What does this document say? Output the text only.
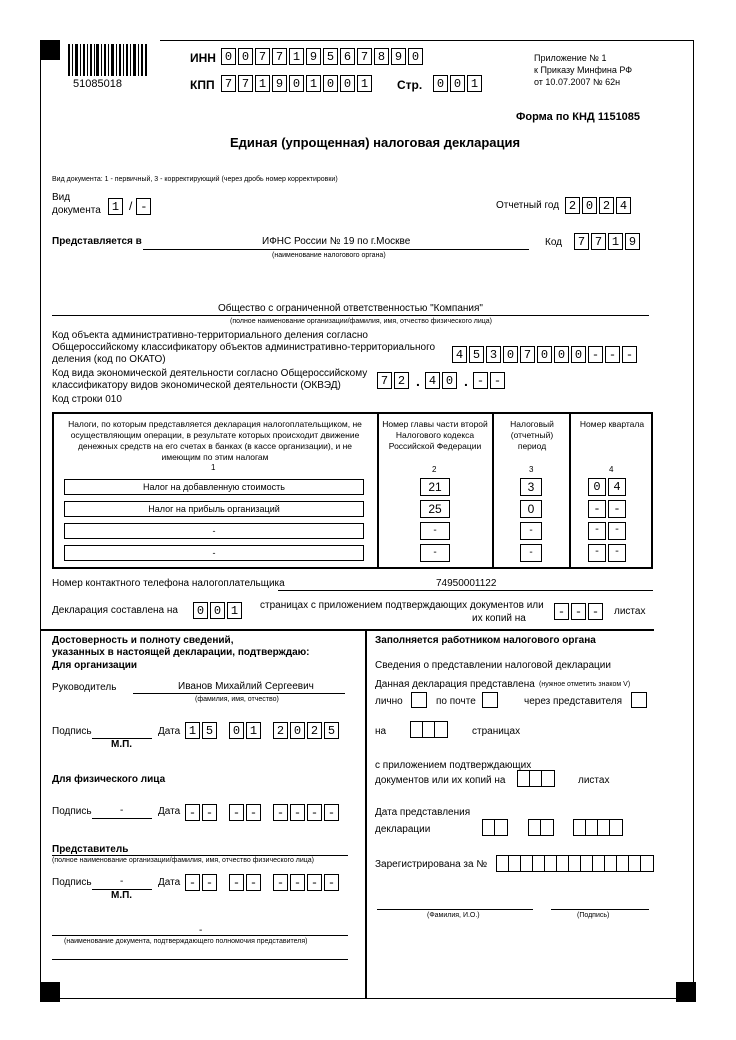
51085018
ИНН 0 0 7 7 1 9 5 6 7 8 9 0
КПП 7 7 1 9 0 1 0 0 1	Стр.	0 0 1
Приложение № 1
к Приказу Минфина РФ
от 10.07.2007 № 62н
Форма по КНД 1151085
Единая (упрощенная) налоговая декларация
Вид документа: 1 - первичный, 3 - корректирующий (через дробь номер корректировки)
Вид
документа 1 / -	Отчетный год 2 0 2 4
Представляется в	ИФНС России № 19 по г.Москве
(наименование налогового органа)
Код	7 7 1 9
Общество с ограниченной ответственностью "Компания"
(полное наименование организации/фамилия, имя, отчество физического лица)
Код объекта административно-территориального деления согласно
Общероссийскому классификатору объектов административно-территориального
деления (код по ОКАТО)	4 5 3 0 7 0 0 0 - - -
Код вида экономической деятельности согласно Общероссийскому
классификатору видов экономической деятельности (ОКВЭД)	7 2 . 4 0 . - -
Код строки 010
Налоги, по которым представляется декларация налогоплательщиком, не осуществляющим операции, в результате которых происходит движение денежных средств на его счетах в банках (в кассе организации), и не имеющим по этим налогам
1
Номер главы части второй Налогового кодекса Российской Федерации
2
Налоговый (отчетный) период
3
Номер квартала
4
Налог на добавленную стоимость	21	3	0	4
Налог на прибыль организаций	25	0	-	-
-	-	-	-	-
-	-	-	-	-
Номер контактного телефона налогоплательщика	74950001122
Декларация составлена на	0 0 1	страницах с приложением подтверждающих документов или
их копий на	- - -	листах
Достоверность и полноту сведений,
указанных в настоящей декларации, подтверждаю:
Для организации
Руководитель	Иванов Михайлий Сергеевич
(фамилия, имя, отчество)
Подпись
М.П.
Дата 1 5	0 1	2 0 2 5
Для физического лица
Подпись	-	Дата - -	- -	- - - -
Представитель
(полное наименование организации/фамилия, имя, отчество физического лица)
Подпись	-
М.П.
Дата - -	- -	- - - -
-
(наименование документа, подтверждающего полномочия представителя)
Заполняется работником налогового органа
Сведения о представлении налоговой декларации
Данная декларация представлена (нужное отметить знаком V)
лично	по почте	через представителя
на	страницах
с приложением подтверждающих
документов или их копий на	листах
Дата представления
декларации
Зарегистрирована за №
(Фамилия, И.О.)	(Подпись)
